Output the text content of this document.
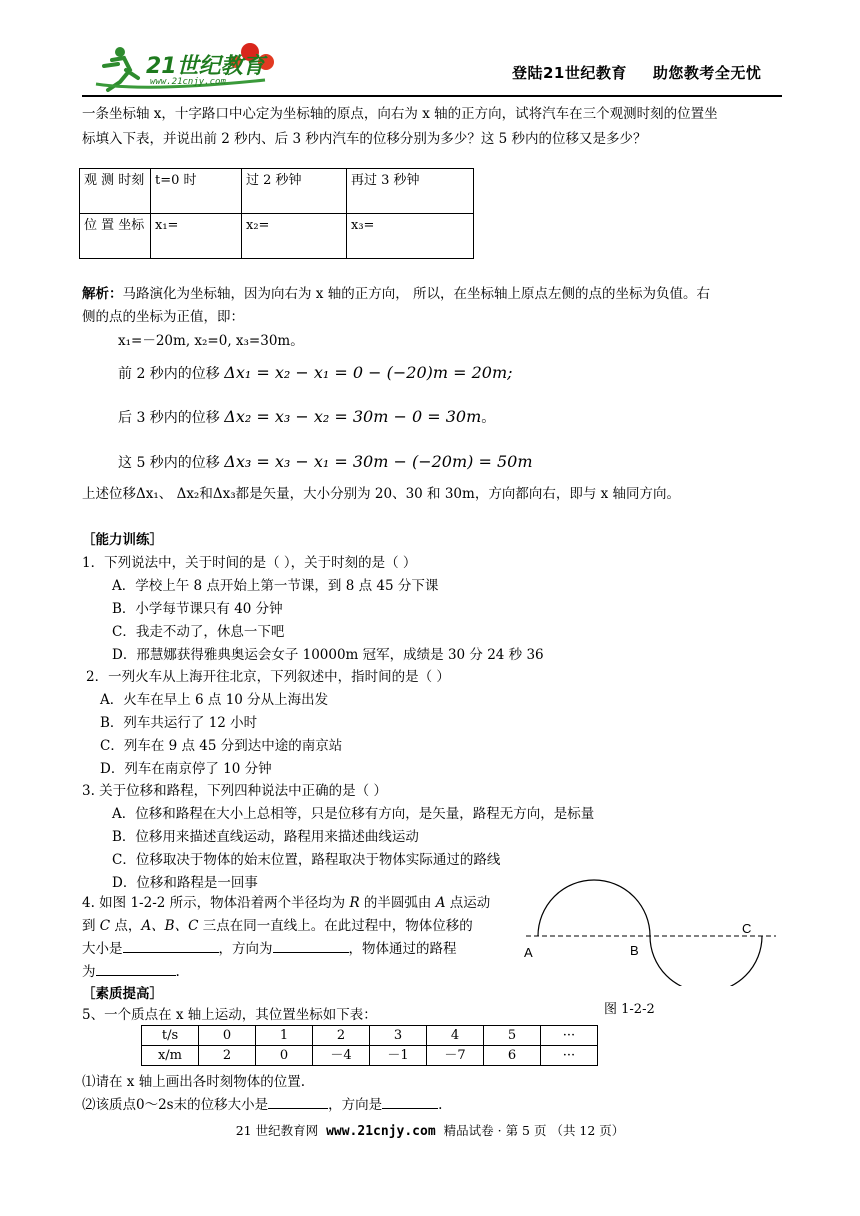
21世纪教育
www.21cnjy.com	登陆21世纪教育 助您教考全无忧
一条坐标轴 x，十字路口中心定为坐标轴的原点，向右为 x 轴的正方向，试将汽车在三个观测时刻的位置坐
标填入下表，并说出前 2 秒内、后 3 秒内汽车的位移分别为多少？这 5 秒内的位移又是多少？
观 测 时刻	t=0 时	过 2 秒钟	再过 3 秒钟
位 置 坐标	x₁=	x₂=	x₃=
解析：马路演化为坐标轴，因为向右为 x 轴的正方向， 所以，在坐标轴上原点左侧的点的坐标为负值。右
侧的点的坐标为正值，即：
x₁=－20m, x₂=0, x₃=30m。
前 2 秒内的位移 Δx₁ = x₂ − x₁ = 0 − (−20)m = 20m;
后 3 秒内的位移 Δx₂ = x₃ − x₂ = 30m − 0 = 30m。
这 5 秒内的位移 Δx₃ = x₃ − x₁ = 30m − (−20m) = 50m
上述位移Δx₁、 Δx₂和Δx₃都是矢量，大小分别为 20、30 和 30m，方向都向右，即与 x 轴同方向。
［能力训练］
1．下列说法中，关于时间的是（ ），关于时刻的是（ ）
A．学校上午 8 点开始上第一节课，到 8 点 45 分下课
B．小学每节课只有 40 分钟
C．我走不动了，休息一下吧
D．邢慧娜获得雅典奥运会女子 10000m 冠军，成绩是 30 分 24 秒 36
2．一列火车从上海开往北京，下列叙述中，指时间的是（ ）
A．火车在早上 6 点 10 分从上海出发
B．列车共运行了 12 小时
C．列车在 9 点 45 分到达中途的南京站
D．列车在南京停了 10 分钟
3. 关于位移和路程，下列四种说法中正确的是（ ）
A．位移和路程在大小上总相等，只是位移有方向，是矢量，路程无方向，是标量
B．位移用来描述直线运动，路程用来描述曲线运动
C．位移取决于物体的始末位置，路程取决于物体实际通过的路线
D．位移和路程是一回事
4. 如图 1-2-2 所示，物体沿着两个半径均为 R 的半圆弧由 A 点运动
到 C 点，A、B、C 三点在同一直线上。在此过程中，物体位移的
大小是	，方向为	，物体通过的路程
为	.
A	B
C
图 1-2-2
［素质提高］
5、一个质点在 x 轴上运动，其位置坐标如下表：
t/s	0	1	2	3	4	5	···
x/m	2	0	－4	－1	－7	6	···
⑴请在 x 轴上画出各时刻物体的位置.
⑵该质点0～2s末的位移大小是	，方向是	.
21 世纪教育网 www.21cnjy.com 精品试卷 · 第 5 页 （共 12 页）
